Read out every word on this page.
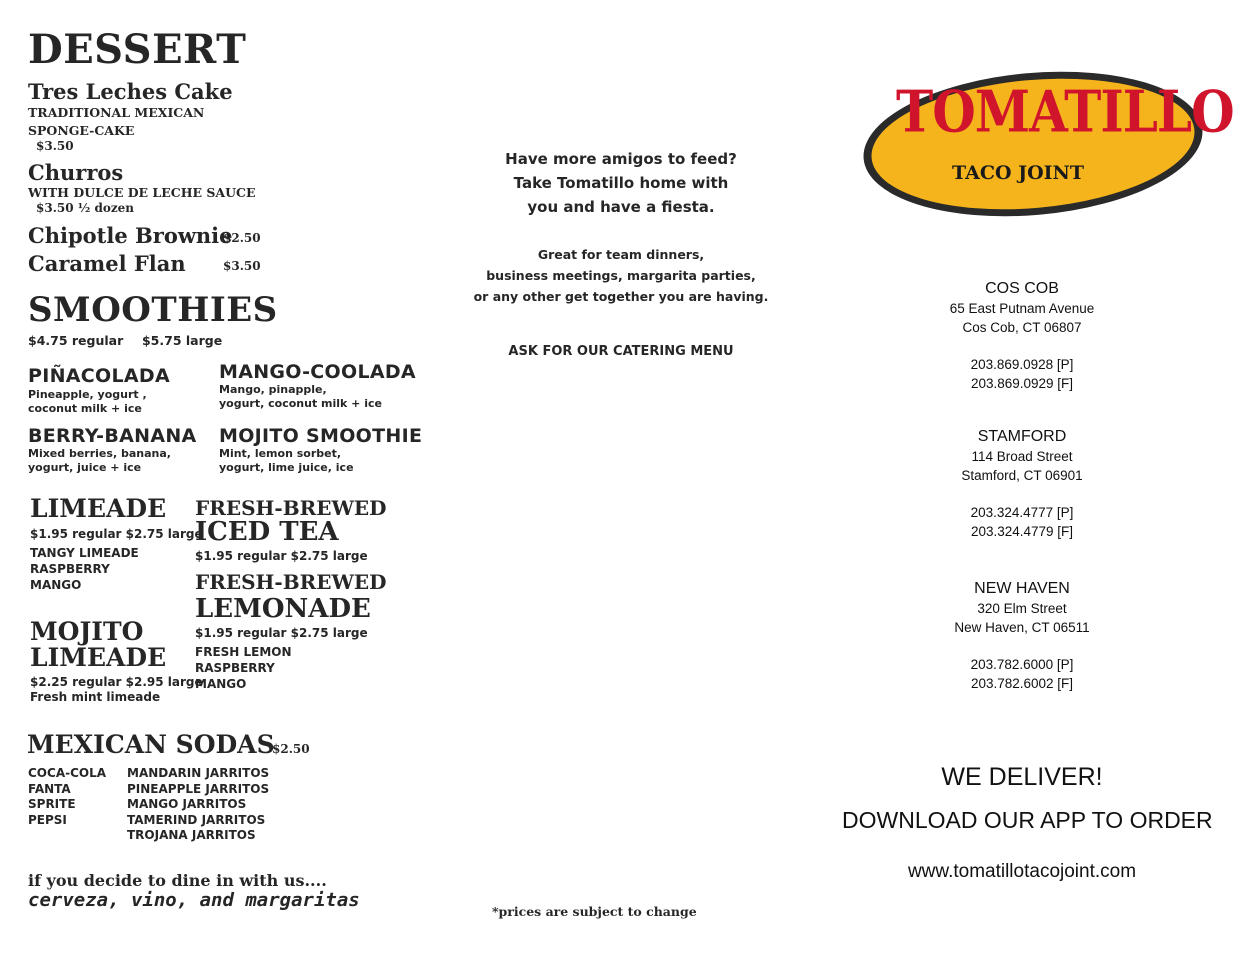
DESSERT
Tres Leches Cake
TRADITIONAL MEXICAN
SPONGE-CAKE
$3.50
Churros
WITH DULCE DE LECHE SAUCE
$3.50 ½ dozen
Chipotle Brownie
$2.50
Caramel Flan	$3.50
SMOOTHIES
$4.75 regular $5.75 large
PIÑACOLADA
Pineapple, yogurt ,
coconut milk + ice
MANGO-COOLADA
Mango, pinapple,
yogurt, coconut milk + ice
BERRY-BANANA
Mixed berries, banana,
yogurt, juice + ice
MOJITO SMOOTHIE
Mint, lemon sorbet,
yogurt, lime juice, ice
LIMEADE
$1.95 regular $2.75 large
TANGY LIMEADE
RASPBERRY
MANGO
MOJITO
LIMEADE
$2.25 regular $2.95 large
Fresh mint limeade
FRESH-BREWED
ICED TEA
$1.95 regular $2.75 large
FRESH-BREWED
LEMONADE
$1.95 regular $2.75 large
FRESH LEMON
RASPBERRY
MANGO
MEXICAN SODAS
$2.50
COCA-COLA
FANTA
SPRITE
PEPSI
MANDARIN JARRITOS
PINEAPPLE JARRITOS
MANGO JARRITOS
TAMERIND JARRITOS
TROJANA JARRITOS
if you decide to dine in with us....
cerveza, vino, and margaritas
Have more amigos to feed?
Take Tomatillo home with
you and have a fiesta.
Great for team dinners,
business meetings, margarita parties,
or any other get together you are having.
ASK FOR OUR CATERING MENU
*prices are subject to change
TOMATILLO
TACO JOINT
COS COB
65 East Putnam Avenue
Cos Cob, CT 06807
203.869.0928 [P]
203.869.0929 [F]
STAMFORD
114 Broad Street
Stamford, CT 06901
203.324.4777 [P]
203.324.4779 [F]
NEW HAVEN
320 Elm Street
New Haven, CT 06511
203.782.6000 [P]
203.782.6002 [F]
WE DELIVER!
DOWNLOAD OUR APP TO ORDER
www.tomatillotacojoint.com
